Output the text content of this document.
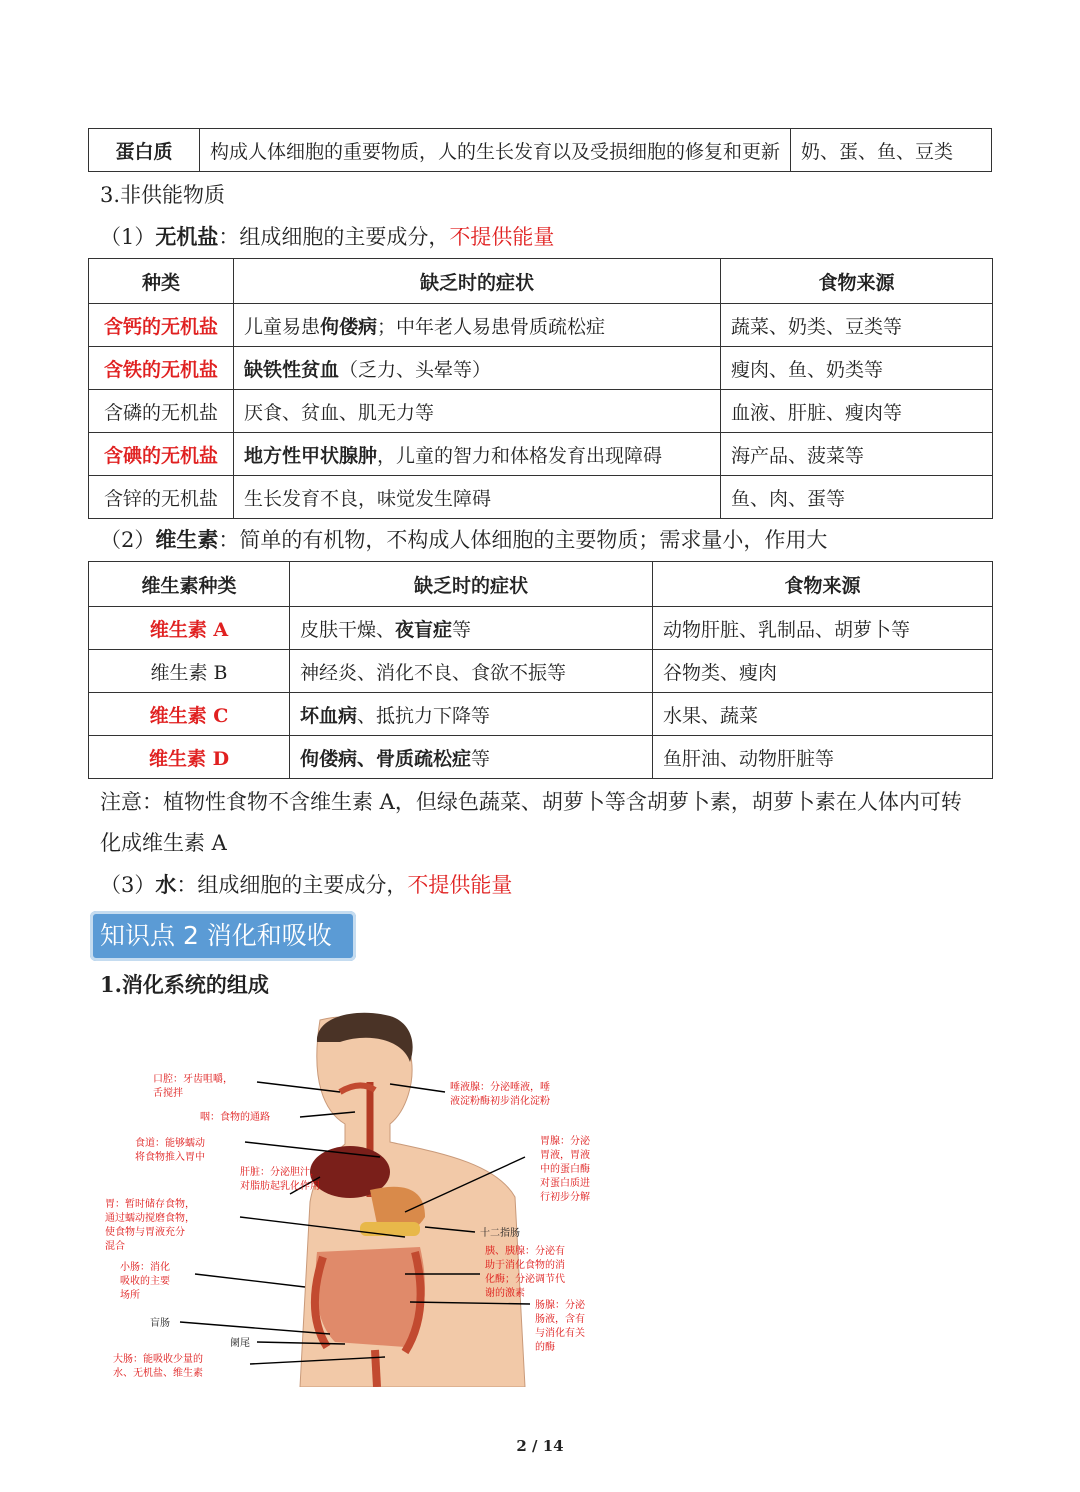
蛋白质	构成人体细胞的重要物质，人的生长发育以及受损细胞的修复和更新	奶、蛋、鱼、豆类
3.非供能物质
（1）无机盐：组成细胞的主要成分，不提供能量
种类	缺乏时的症状	食物来源
含钙的无机盐	儿童易患佝偻病；中年老人易患骨质疏松症	蔬菜、奶类、豆类等
含铁的无机盐	缺铁性贫血（乏力、头晕等）	瘦肉、鱼、奶类等
含磷的无机盐	厌食、贫血、肌无力等	血液、肝脏、瘦肉等
含碘的无机盐	地方性甲状腺肿，儿童的智力和体格发育出现障碍	海产品、菠菜等
含锌的无机盐	生长发育不良，味觉发生障碍	鱼、肉、蛋等
（2）维生素：简单的有机物，不构成人体细胞的主要物质；需求量小，作用大
维生素种类	缺乏时的症状	食物来源
维生素 A	皮肤干燥、夜盲症等	动物肝脏、乳制品、胡萝卜等
维生素 B	神经炎、消化不良、食欲不振等	谷物类、瘦肉
维生素 C	坏血病、抵抗力下降等	水果、蔬菜
维生素 D	佝偻病、骨质疏松症等	鱼肝油、动物肝脏等
注意：植物性食物不含维生素 A，但绿色蔬菜、胡萝卜等含胡萝卜素，胡萝卜素在人体内可转
化成维生素 A
（3）水：组成细胞的主要成分，不提供能量
知识点 2 消化和吸收
1.消化系统的组成
口腔：牙齿咀嚼，
舌搅拌
咽：食物的通路
食道：能够蠕动
将食物推入胃中
肝脏：分泌胆汁，
对脂肪起乳化作用
胃：暂时储存食物，
通过蠕动搅磨食物，
使食物与胃液充分
混合
小肠：消化
吸收的主要
场所
盲肠
阑尾
大肠：能吸收少量的
水、无机盐、维生素
唾液腺：分泌唾液，唾
液淀粉酶初步消化淀粉
胃腺：分泌
胃液，胃液
中的蛋白酶
对蛋白质进
行初步分解
十二指肠
胰、胰腺：分泌有
助于消化食物的消
化酶；分泌调节代
谢的激素
肠腺：分泌
肠液，含有
与消化有关
的酶
2 / 14
